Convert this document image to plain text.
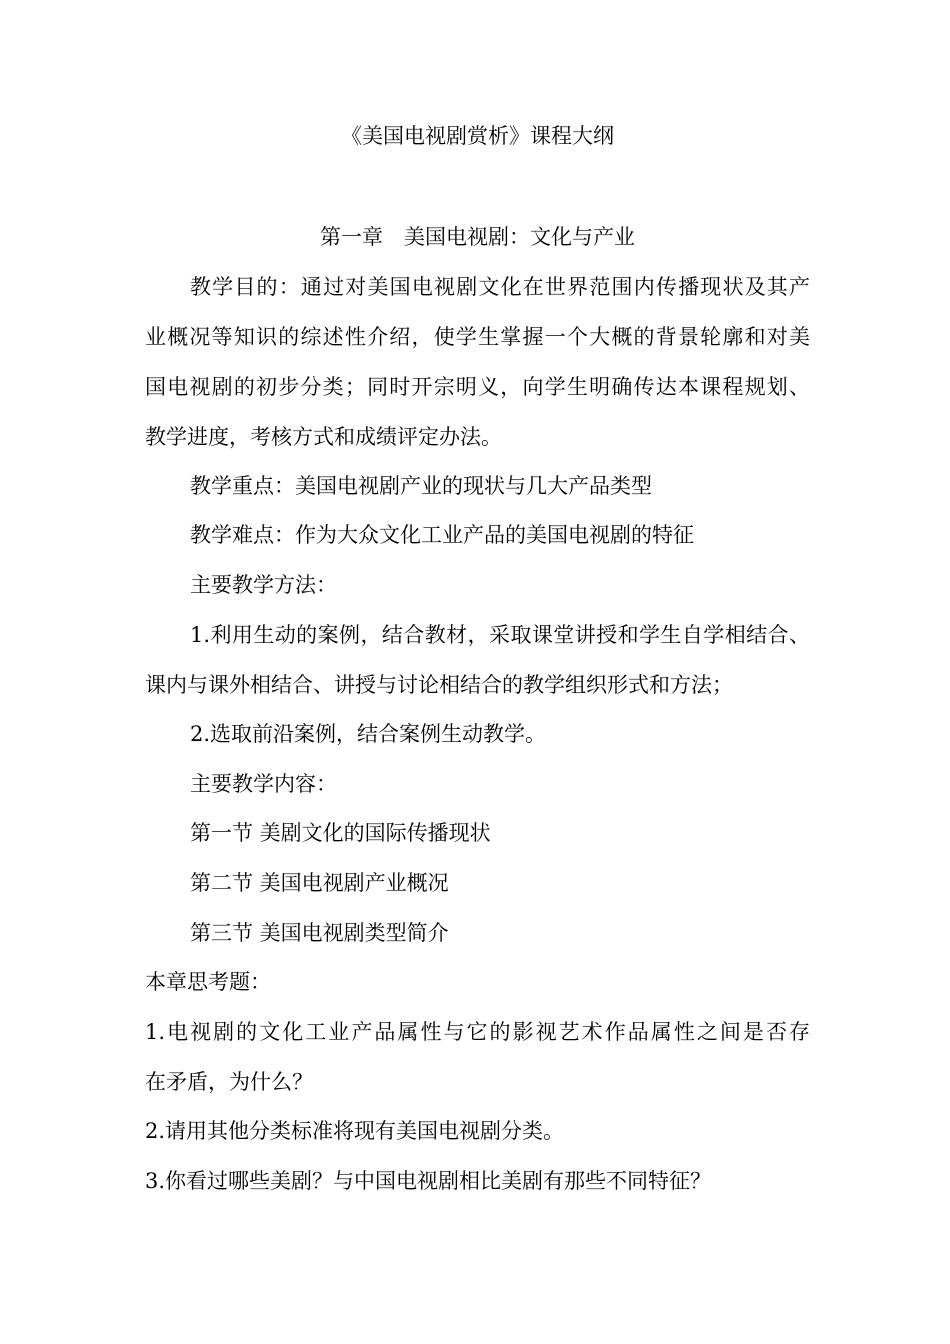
《美国电视剧赏析》课程大纲
第一章 美国电视剧：文化与产业
教学目的：通过对美国电视剧文化在世界范围内传播现状及其产
业概况等知识的综述性介绍，使学生掌握一个大概的背景轮廓和对美
国电视剧的初步分类；同时开宗明义，向学生明确传达本课程规划、
教学进度，考核方式和成绩评定办法。
教学重点：美国电视剧产业的现状与几大产品类型
教学难点：作为大众文化工业产品的美国电视剧的特征
主要教学方法：
1.利用生动的案例，结合教材，采取课堂讲授和学生自学相结合、
课内与课外相结合、讲授与讨论相结合的教学组织形式和方法；
2.选取前沿案例，结合案例生动教学。
主要教学内容：
第一节 美剧文化的国际传播现状
第二节 美国电视剧产业概况
第三节 美国电视剧类型简介
本章思考题：
1.电视剧的文化工业产品属性与它的影视艺术作品属性之间是否存
在矛盾，为什么？
2.请用其他分类标准将现有美国电视剧分类。
3.你看过哪些美剧？与中国电视剧相比美剧有那些不同特征？
